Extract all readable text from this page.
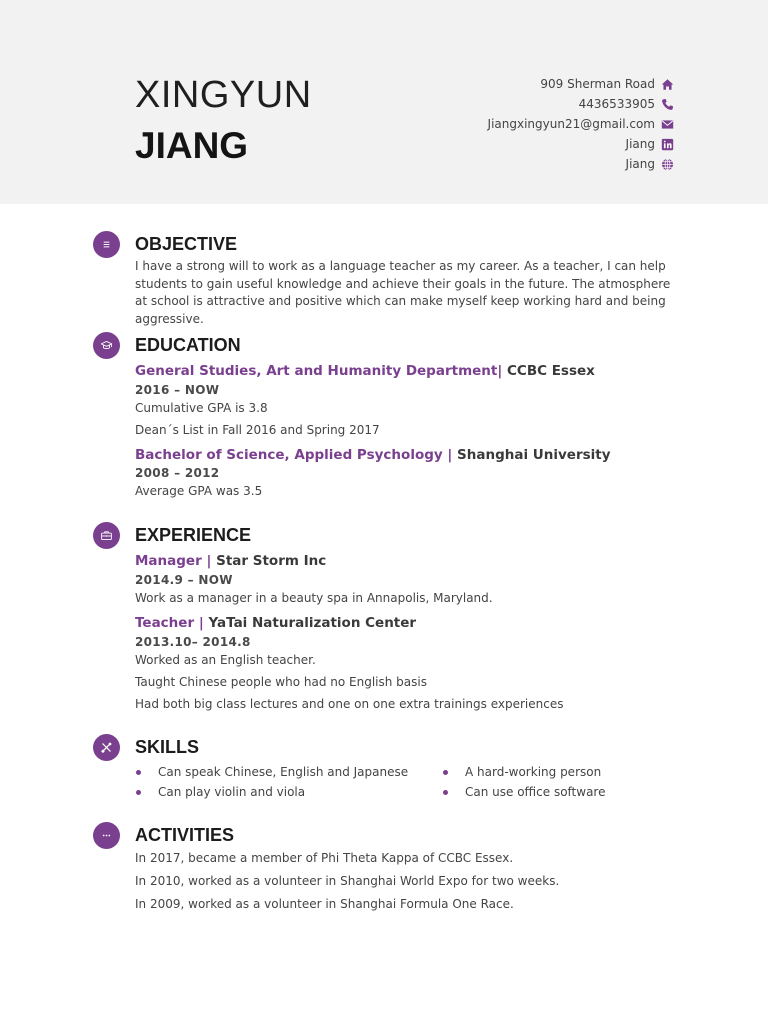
XINGYUN
JIANG
909 Sherman Road
4436533905
Jiangxingyun21@gmail.com
Jiang
Jiang
OBJECTIVE

I have a strong will to work as a language teacher as my career. As a teacher, I can help students to gain useful knowledge and achieve their goals in the future. The atmosphere at school is attractive and positive which can make myself keep working hard and being aggressive.

EDUCATION

General Studies, Art and Humanity Department| CCBC Essex

2016 – NOW

Cumulative GPA is 3.8

Dean´s List in Fall 2016 and Spring 2017

Bachelor of Science, Applied Psychology | Shanghai University

2008 – 2012

Average GPA was 3.5

EXPERIENCE

Manager | Star Storm Inc

2014.9 – NOW

Work as a manager in a beauty spa in Annapolis, Maryland.

Teacher | YaTai Naturalization Center

2013.10– 2014.8

Worked as an English teacher.

Taught Chinese people who had no English basis

Had both big class lectures and one on one extra trainings experiences

SKILLS
Can speak Chinese, English and Japanese
Can play violin and viola
A hard-working person
Can use office software
ACTIVITIES

In 2017, became a member of Phi Theta Kappa of CCBC Essex.

In 2010, worked as a volunteer in Shanghai World Expo for two weeks.

In 2009, worked as a volunteer in Shanghai Formula One Race.
